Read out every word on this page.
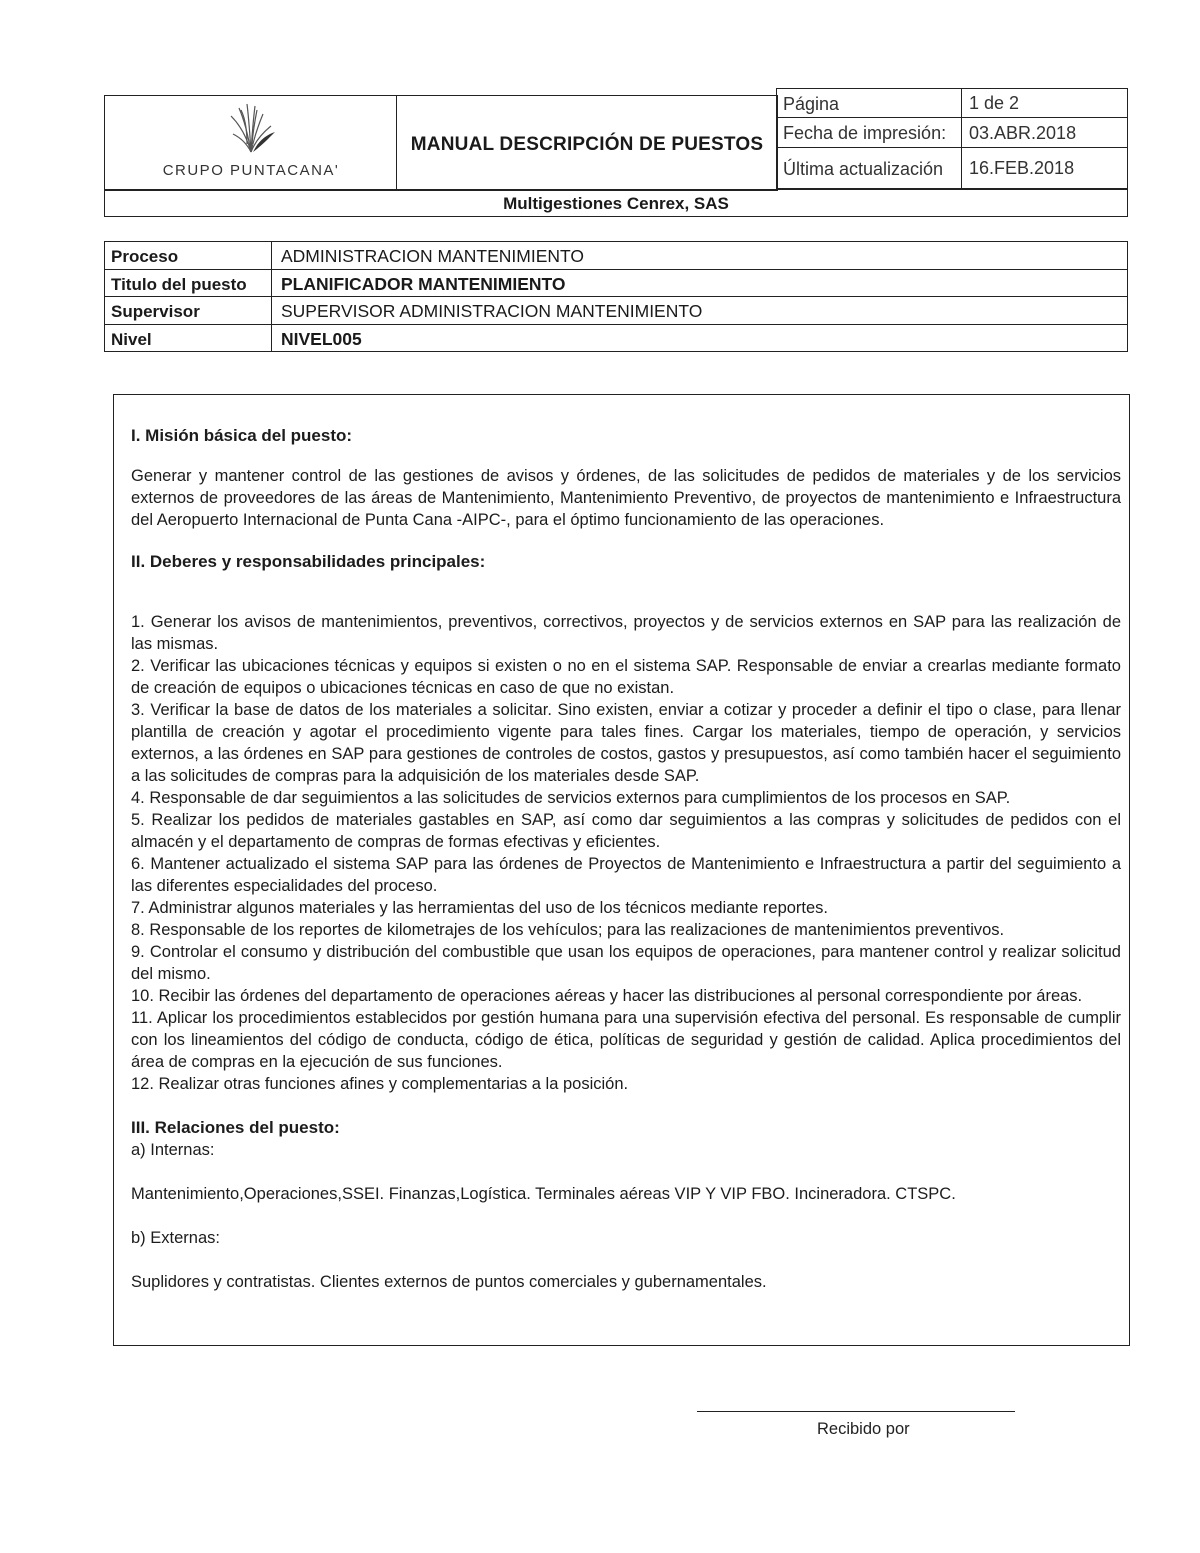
CRUPO PUNTACANA'
MANUAL DESCRIPCIÓN DE PUESTOS
Página	1 de 2
Fecha de impresión: 03.ABR.2018
Última actualización 16.FEB.2018
Multigestiones Cenrex, SAS
Proceso	ADMINISTRACION MANTENIMIENTO
Titulo del puesto PLANIFICADOR MANTENIMIENTO
Supervisor	SUPERVISOR ADMINISTRACION MANTENIMIENTO
Nivel	NIVEL005

I. Misión básica del puesto:

Generar y mantener control de las gestiones de avisos y órdenes, de las solicitudes de pedidos de materiales y de los servicios externos de proveedores de las áreas de Mantenimiento, Mantenimiento Preventivo, de proyectos de mantenimiento e Infraestructura del Aeropuerto Internacional de Punta Cana -AIPC-, para el óptimo funcionamiento de las operaciones.

II. Deberes y responsabilidades principales:

1. Generar los avisos de mantenimientos, preventivos, correctivos, proyectos y de servicios externos en SAP para las realización de las mismas.

2. Verificar las ubicaciones técnicas y equipos si existen o no en el sistema SAP. Responsable de enviar a crearlas mediante formato de creación de equipos o ubicaciones técnicas en caso de que no existan.

3. Verificar la base de datos de los materiales a solicitar. Sino existen, enviar a cotizar y proceder a definir el tipo o clase, para llenar plantilla de creación y agotar el procedimiento vigente para tales fines. Cargar los materiales, tiempo de operación, y servicios externos, a las órdenes en SAP para gestiones de controles de costos, gastos y presupuestos, así como también hacer el seguimiento a las solicitudes de compras para la adquisición de los materiales desde SAP.

4. Responsable de dar seguimientos a las solicitudes de servicios externos para cumplimientos de los procesos en SAP.

5. Realizar los pedidos de materiales gastables en SAP, así como dar seguimientos a las compras y solicitudes de pedidos con el almacén y el departamento de compras de formas efectivas y eficientes.

6. Mantener actualizado el sistema SAP para las órdenes de Proyectos de Mantenimiento e Infraestructura a partir del seguimiento a las diferentes especialidades del proceso.

7. Administrar algunos materiales y las herramientas del uso de los técnicos mediante reportes.

8. Responsable de los reportes de kilometrajes de los vehículos; para las realizaciones de mantenimientos preventivos.

9. Controlar el consumo y distribución del combustible que usan los equipos de operaciones, para mantener control y realizar solicitud del mismo.

10. Recibir las órdenes del departamento de operaciones aéreas y hacer las distribuciones al personal correspondiente por áreas.

11. Aplicar los procedimientos establecidos por gestión humana para una supervisión efectiva del personal. Es responsable de cumplir con los lineamientos del código de conducta, código de ética, políticas de seguridad y gestión de calidad. Aplica procedimientos del área de compras en la ejecución de sus funciones.

12. Realizar otras funciones afines y complementarias a la posición.

III. Relaciones del puesto:

a) Internas:

Mantenimiento,Operaciones,SSEI. Finanzas,Logística. Terminales aéreas VIP Y VIP FBO. Incineradora. CTSPC.

b) Externas:

Suplidores y contratistas. Clientes externos de puntos comerciales y gubernamentales.

Recibido por
